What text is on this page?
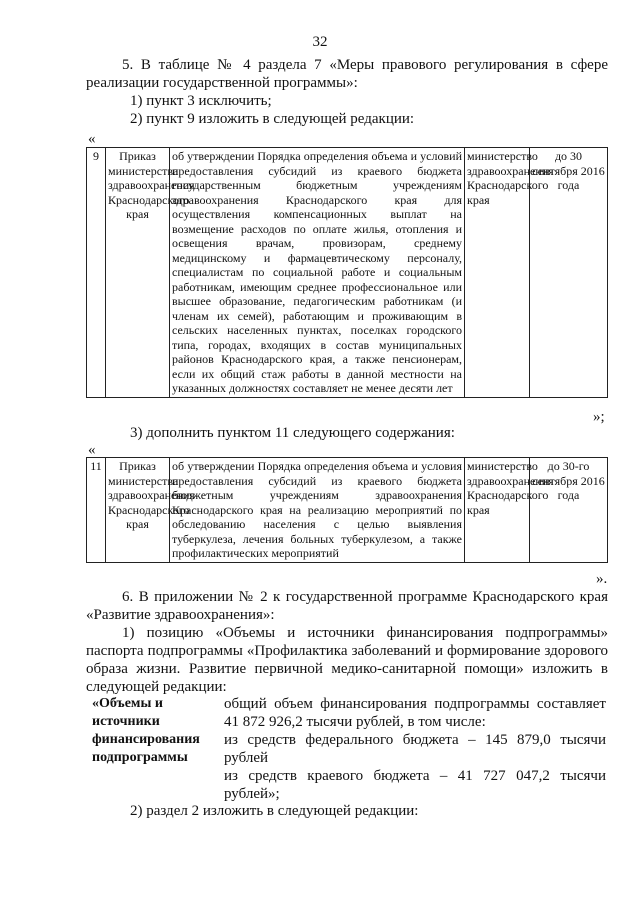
32
5. В таблице № 4 раздела 7 «Меры правового регулирования в сфере реализации государственной программы»:
1) пункт 3 исключить;
2) пункт 9 изложить в следующей редакции:
«
9	Приказ министерства здравоохранения Краснодарского края	об утверждении Порядка определения объема и условий предоставления субсидий из краевого бюджета государственным бюджетным учреждениям здравоохранения Краснодарского края для осуществления компенсационных выплат на возмещение расходов по оплате жилья, отопления и освещения врачам, провизорам, среднему медицинскому и фармацевтическому персоналу, специалистам по социальной работе и социальным работникам, имеющим среднее профессиональное или высшее образование, педагогическим работникам (и членам их семей), работающим и проживающим в сельских населенных пунктах, поселках городского типа, городах, входящих в состав муниципальных районов Краснодарского края, а также пенсионерам, если их общий стаж работы в данной местности на указанных должностях составляет не менее десяти лет	министерство здравоохранения Краснодарского края	до 30 сентября 2016 года
»;
3) дополнить пунктом 11 следующего содержания:
«
11	Приказ министерства здравоохранения Краснодарского края	об утверждении Порядка определения объема и условия предоставления субсидий из краевого бюджета бюджетным учреждениям здравоохранения Краснодарского края на реализацию мероприятий по обследованию населения с целью выявления туберкулеза, лечения больных туберкулезом, а также профилактических мероприятий	министерство здравоохранения Краснодарского края	до 30-го сентября 2016 года
».
6. В приложении № 2 к государственной программе Краснодарского края «Развитие здравоохранения»:
1) позицию «Объемы и источники финансирования подпрограммы» паспорта подпрограммы «Профилактика заболеваний и формирование здорового образа жизни. Развитие первичной медико-санитарной помощи» изложить в следующей редакции:
«Объемы и источники финансирования подпрограммы
общий объем финансирования подпрограммы составляет 41 872 926,2 тысячи рублей, в том числе:
из средств федерального бюджета – 145 879,0 тысячи рублей
из средств краевого бюджета – 41 727 047,2 тысячи рублей»;
2) раздел 2 изложить в следующей редакции:
